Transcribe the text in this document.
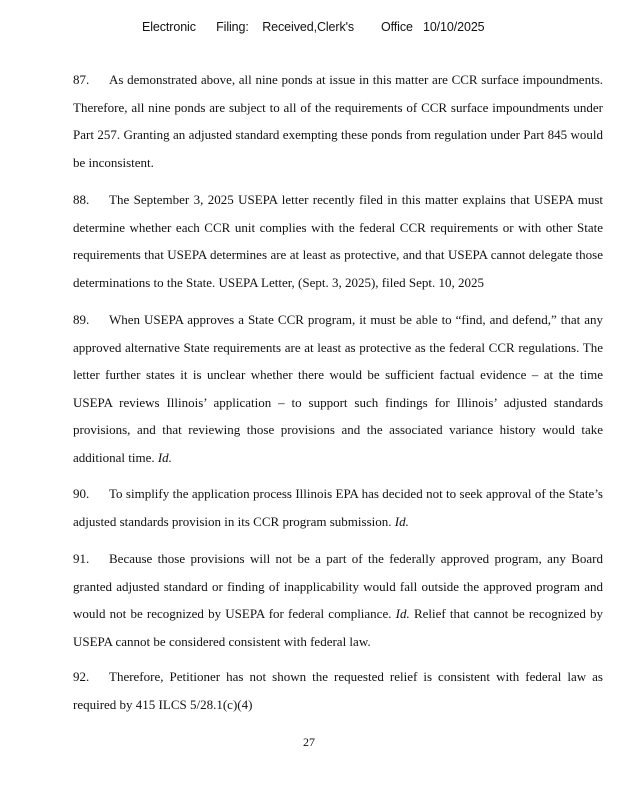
Electronic      Filing:    Received,Clerk's        Office   10/10/2025

87. As demonstrated above, all nine ponds at issue in this matter are CCR surface impoundments. Therefore, all nine ponds are subject to all of the requirements of CCR surface impoundments under Part 257. Granting an adjusted standard exempting these ponds from regulation under Part 845 would be inconsistent.

88. The September 3, 2025 USEPA letter recently filed in this matter explains that USEPA must determine whether each CCR unit complies with the federal CCR requirements or with other State requirements that USEPA determines are at least as protective, and that USEPA cannot delegate those determinations to the State. USEPA Letter, (Sept. 3, 2025), filed Sept. 10, 2025

89. When USEPA approves a State CCR program, it must be able to “find, and defend,” that any approved alternative State requirements are at least as protective as the federal CCR regulations. The letter further states it is unclear whether there would be sufficient factual evidence – at the time USEPA reviews Illinois’ application – to support such findings for Illinois’ adjusted standards provisions, and that reviewing those provisions and the associated variance history would take additional time. Id.

90. To simplify the application process Illinois EPA has decided not to seek approval of the State’s adjusted standards provision in its CCR program submission. Id.

91. Because those provisions will not be a part of the federally approved program, any Board granted adjusted standard or finding of inapplicability would fall outside the approved program and would not be recognized by USEPA for federal compliance. Id. Relief that cannot be recognized by USEPA cannot be considered consistent with federal law.

92. Therefore, Petitioner has not shown the requested relief is consistent with federal law as required by 415 ILCS 5/28.1(c)(4)

27
